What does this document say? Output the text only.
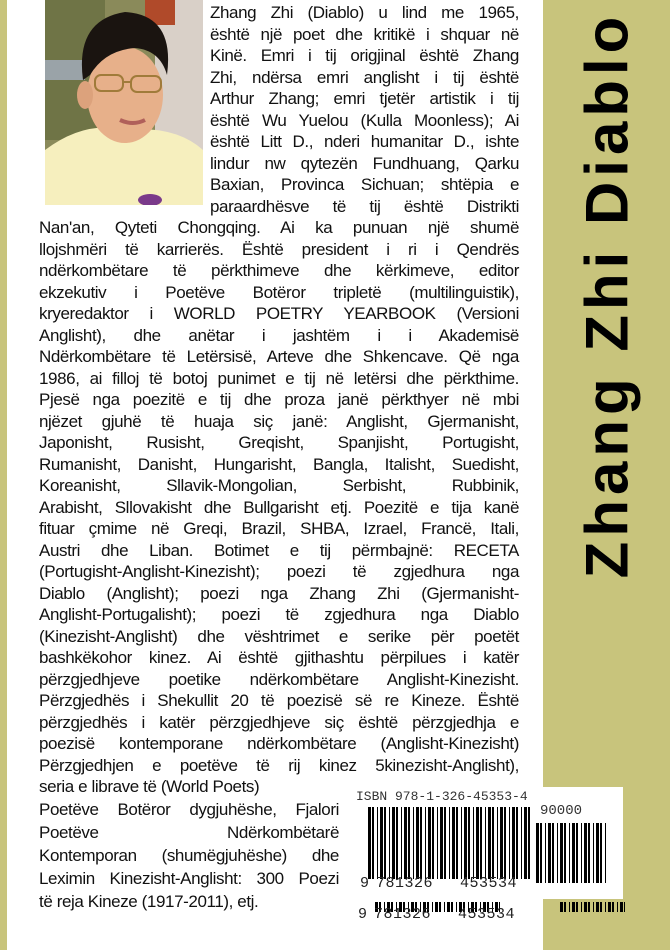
Zhang Zhi Diablo
Zhang Zhi (Diablo) u lind me 1965,
është një poet dhe kritikë i shquar në
Kinë. Emri i tij origjinal është Zhang
Zhi, ndërsa emri anglisht i tij është
Arthur Zhang; emri tjetër artistik i tij
është Wu Yuelou (Kulla Moonless); Ai
është Litt D., nderi humanitar D., ishte
lindur nw qytezën Fundhuang, Qarku
Baxian, Provinca Sichuan; shtëpia e
paraardhësve të tij është Distrikti
Nan'an, Qyteti Chongqing. Ai ka punuan një shumë
llojshmëri të karrierës. Është president i ri i Qendrës
ndërkombëtare të përkthimeve dhe kërkimeve, editor
ekzekutiv i Poetëve Botëror tripletë (multilinguistik),
kryeredaktor i WORLD POETRY YEARBOOK (Versioni
Anglisht), dhe anëtar i jashtëm i i Akademisë
Ndërkombëtare të Letërsisë, Arteve dhe Shkencave. Që nga
1986, ai filloj të botoj punimet e tij në letërsi dhe përkthime.
Pjesë nga poezitë e tij dhe proza janë përkthyer në mbi
njëzet gjuhë të huaja siç janë: Anglisht, Gjermanisht,
Japonisht, Rusisht, Greqisht, Spanjisht, Portugisht,
Rumanisht, Danisht, Hungarisht, Bangla, Italisht, Suedisht,
Koreanisht, Sllavik-Mongolian, Serbisht, Rubbinik,
Arabisht, Sllovakisht dhe Bullgarisht etj. Poezitë e tija kanë
fituar çmime në Greqi, Brazil, SHBA, Izrael, Francë, Itali,
Austri dhe Liban. Botimet e tij përmbajnë: RECETA
(Portugisht-Anglisht-Kinezisht); poezi të zgjedhura nga
Diablo (Anglisht); poezi nga Zhang Zhi (Gjermanisht-
Anglisht-Portugalisht); poezi të zgjedhura nga Diablo
(Kinezisht-Anglisht) dhe vështrimet e serike për poetët
bashkëkohor kinez. Ai është gjithashtu përpilues i katër
përzgjedhjeve poetike ndërkombëtare Anglisht-Kinezisht.
Përzgjedhës i Shekullit 20 të poezisë së re Kineze. Është
përzgjedhës i katër përzgjedhjeve siç është përzgjedhja e
poezisë kontemporane ndërkombëtare (Anglisht-Kinezisht)
Përzgjedhjen e poetëve të rij kinez 5kinezisht-Anglisht),
seria e librave të (World Poets)
Poetëve Botëror dygjuhëshe, Fjalori
Poetëve Ndërkombëtarë
Kontemporan (shumëgjuhëshe) dhe
Leximin Kinezisht-Anglisht: 300 Poezi
të reja Kineze (1917-2011), etj.
ISBN 978-1-326-45353-4
90000
9 781326 453534
9 781326 453534
